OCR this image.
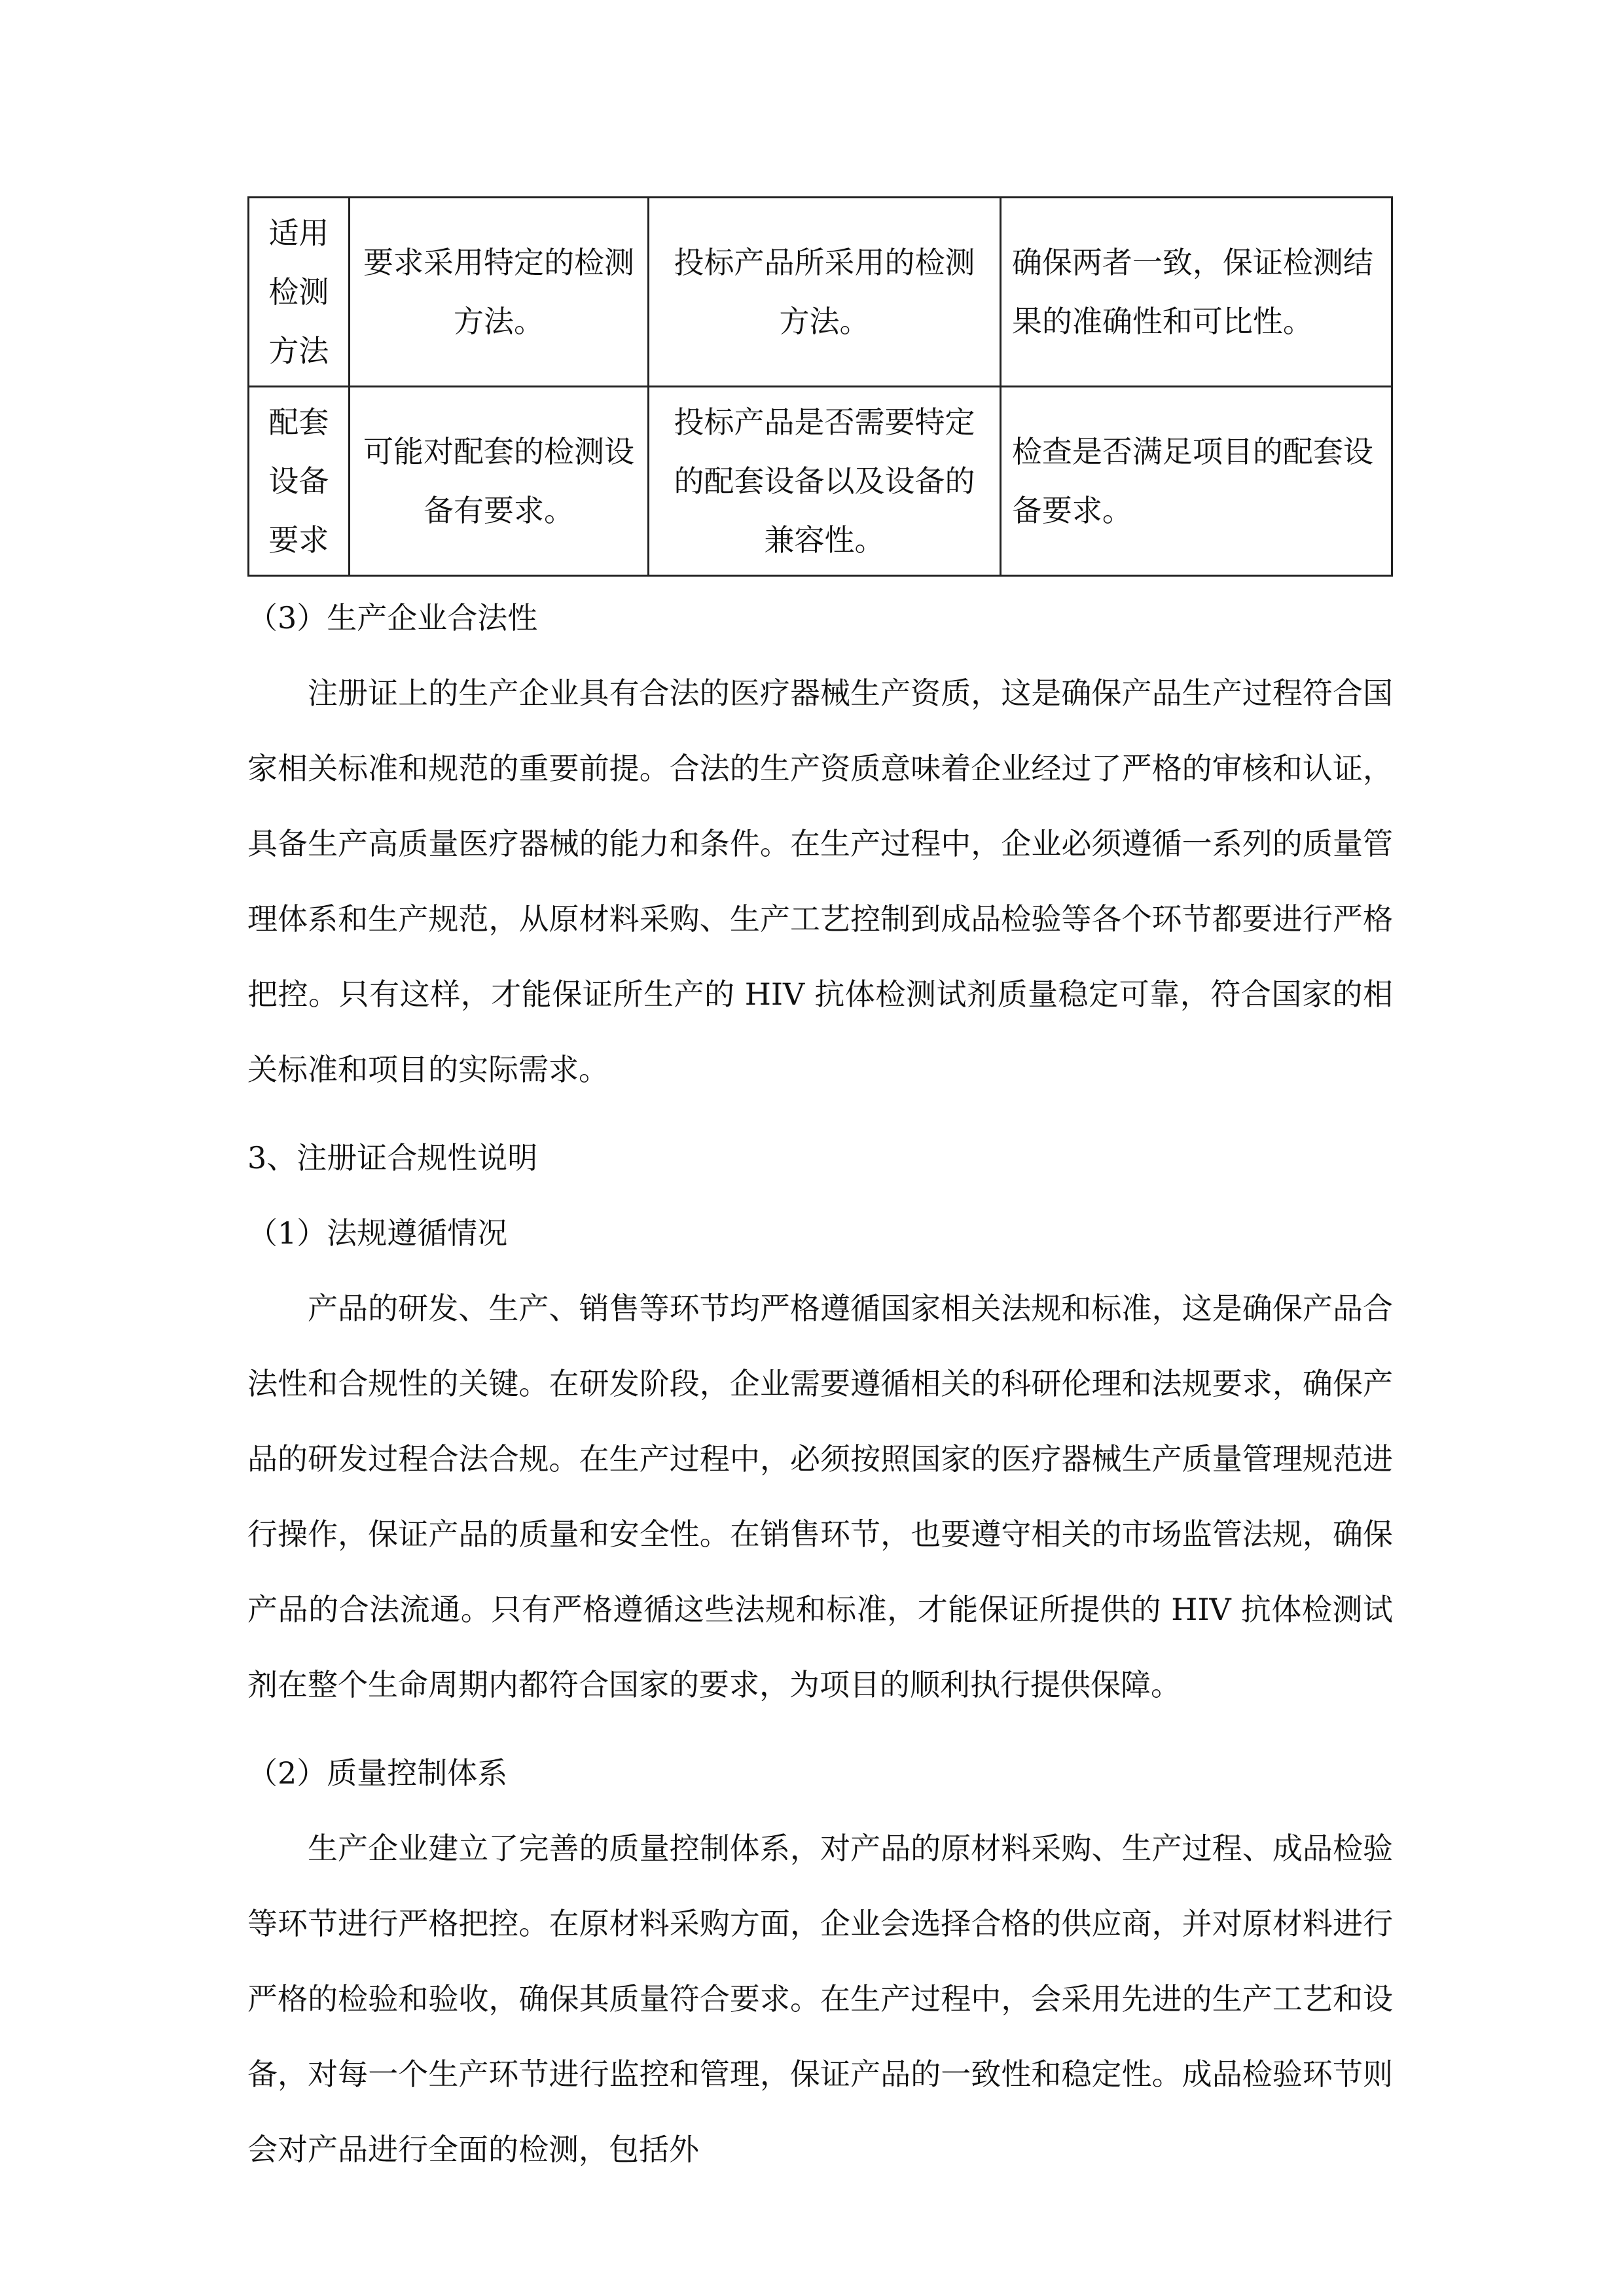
适用检测方法	要求采用特定的检测方法。	投标产品所采用的检测方法。	确保两者一致，保证检测结果的准确性和可比性。
配套设备要求	可能对配套的检测设备有要求。	投标产品是否需要特定的配套设备以及设备的兼容性。	检查是否满足项目的配套设备要求。

（3）生产企业合法性

注册证上的生产企业具有合法的医疗器械生产资质，这是确保产品生产过程符合国家相关标准和规范的重要前提。合法的生产资质意味着企业经过了严格的审核和认证，具备生产高质量医疗器械的能力和条件。在生产过程中，企业必须遵循一系列的质量管理体系和生产规范，从原材料采购、生产工艺控制到成品检验等各个环节都要进行严格把控。只有这样，才能保证所生产的 HIV 抗体检测试剂质量稳定可靠，符合国家的相关标准和项目的实际需求。

3、注册证合规性说明

（1）法规遵循情况

产品的研发、生产、销售等环节均严格遵循国家相关法规和标准，这是确保产品合法性和合规性的关键。在研发阶段，企业需要遵循相关的科研伦理和法规要求，确保产品的研发过程合法合规。在生产过程中，必须按照国家的医疗器械生产质量管理规范进行操作，保证产品的质量和安全性。在销售环节，也要遵守相关的市场监管法规，确保产品的合法流通。只有严格遵循这些法规和标准，才能保证所提供的 HIV 抗体检测试剂在整个生命周期内都符合国家的要求，为项目的顺利执行提供保障。

（2）质量控制体系

生产企业建立了完善的质量控制体系，对产品的原材料采购、生产过程、成品检验等环节进行严格把控。在原材料采购方面，企业会选择合格的供应商，并对原材料进行严格的检验和验收，确保其质量符合要求。在生产过程中，会采用先进的生产工艺和设备，对每一个生产环节进行监控和管理，保证产品的一致性和稳定性。成品检验环节则会对产品进行全面的检测，包括外
